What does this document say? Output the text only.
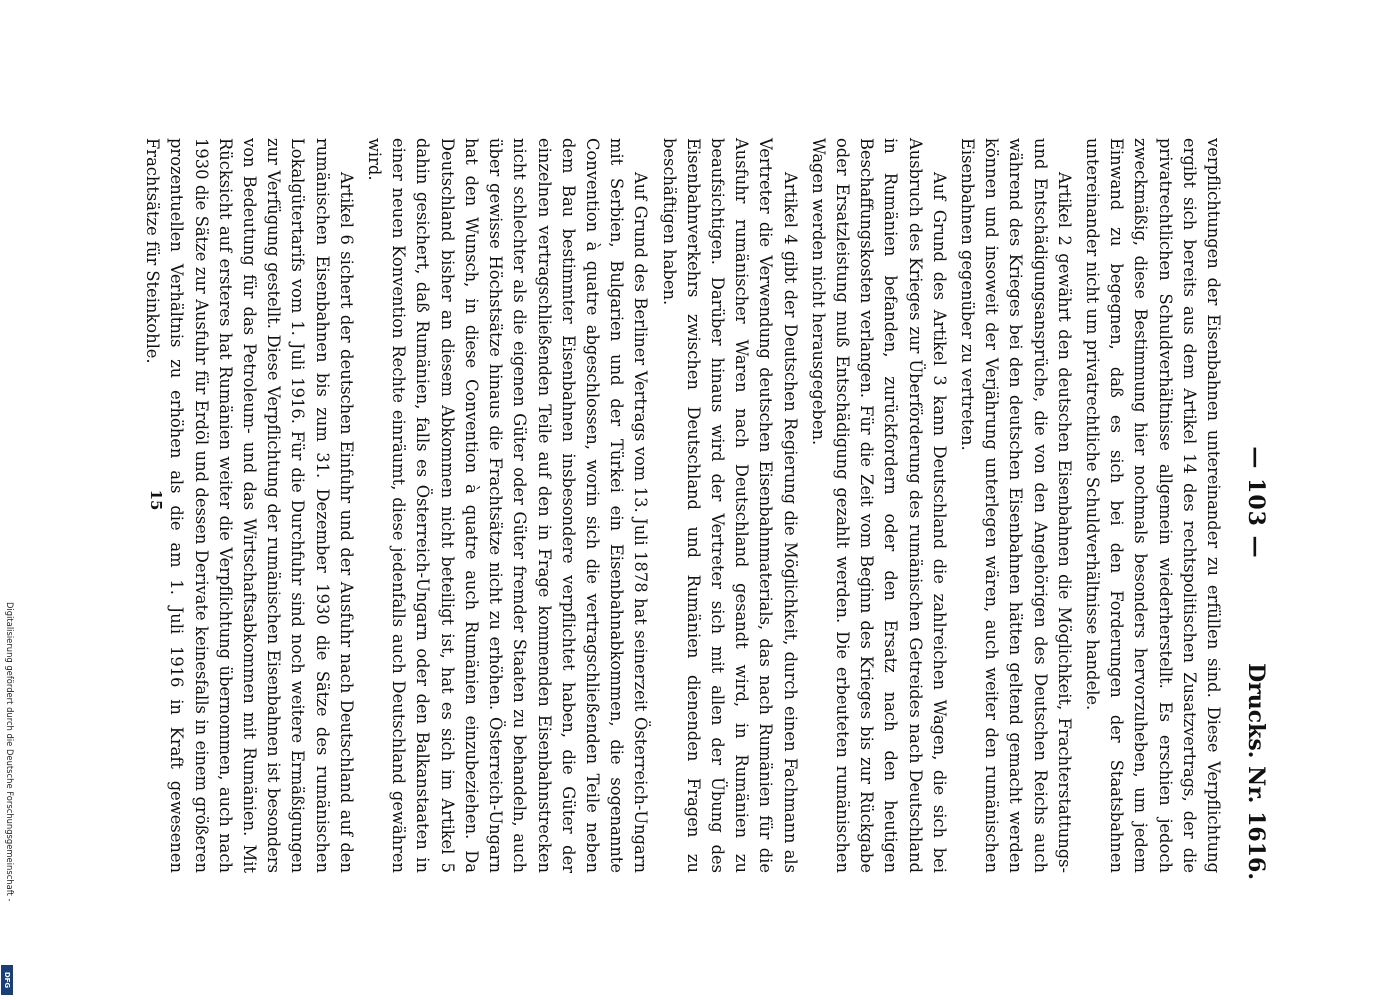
Digitalisierung gefördert durch die Deutsche Forschungsgemeinschaft -
DFG
— 103 —
Drucks. Nr. 1616.

verpflichtungen der Eisenbahnen untereinander zu erfüllen sind. Diese Verpflichtung ergibt sich bereits aus dem Artikel 14 des rechtspolitischen Zusatzvertrags, der die privatrechtlichen Schuldverhältnisse allgemein wiederherstellt. Es erschien jedoch zweckmäßig, diese Bestimmung hier nochmals besonders hervorzuheben, um jedem Einwand zu begegnen, daß es sich bei den Forderungen der Staatsbahnen untereinander nicht um privatrechtliche Schuldverhältnisse handele.

Artikel 2 gewährt den deutschen Eisenbahnen die Möglichkeit, Frachterstattungs- und Entschädigungsansprüche, die von den Angehörigen des Deutschen Reichs auch während des Krieges bei den deutschen Eisenbahnen hätten geltend gemacht werden können und insoweit der Verjährung unterlegen wären, auch weiter den rumänischen Eisenbahnen gegenüber zu vertreten.

Auf Grund des Artikel 3 kann Deutschland die zahlreichen Wagen, die sich bei Ausbruch des Krieges zur Überförderung des rumänischen Getreides nach Deutschland in Rumänien befanden, zurückfordern oder den Ersatz nach den heutigen Beschaffungskosten verlangen. Für die Zeit vom Beginn des Krieges bis zur Rückgabe oder Ersatzleistung muß Entschädigung gezahlt werden. Die erbeuteten rumänischen Wagen werden nicht herausgegeben.

Artikel 4 gibt der Deutschen Regierung die Möglichkeit, durch einen Fachmann als Vertreter die Verwendung deutschen Eisenbahnmaterials, das nach Rumänien für die Ausfuhr rumänischer Waren nach Deutschland gesandt wird, in Rumänien zu beaufsichtigen. Darüber hinaus wird der Vertreter sich mit allen der Übung des Eisenbahnverkehrs zwischen Deutschland und Rumänien dienenden Fragen zu beschäftigen haben.

Auf Grund des Berliner Vertrags vom 13. Juli 1878 hat seinerzeit Österreich-Ungarn mit Serbien, Bulgarien und der Türkei ein Eisenbahnabkommen, die sogenannte Convention à quatre abgeschlossen, worin sich die vertragschließenden Teile neben dem Bau bestimmter Eisenbahnen insbesondere verpflichtet haben, die Güter der einzelnen vertragschließenden Teile auf den in Frage kommenden Eisenbahnstrecken nicht schlechter als die eigenen Güter oder Güter fremder Staaten zu behandeln, auch über gewisse Höchstsätze hinaus die Frachtsätze nicht zu erhöhen. Österreich-Ungarn hat den Wunsch, in diese Convention à quatre auch Rumänien einzubeziehen. Da Deutschland bisher an diesem Abkommen nicht beteiligt ist, hat es sich im Artikel 5 dahin gesichert, daß Rumänien, falls es Österreich-Ungarn oder den Balkanstaaten in einer neuen Konvention Rechte einräumt, diese jedenfalls auch Deutschland gewähren wird.

Artikel 6 sichert der deutschen Einfuhr und der Ausfuhr nach Deutschland auf den rumänischen Eisenbahnen bis zum 31. Dezember 1930 die Sätze des rumänischen Lokalgütertarifs vom 1. Juli 1916. Für die Durchfuhr sind noch weitere Ermäßigungen zur Verfügung gestellt. Diese Verpflichtung der rumänischen Eisenbahnen ist besonders von Bedeutung für das Petroleum- und das Wirtschaftsabkommen mit Rumänien. Mit Rücksicht auf ersteres hat Rumänien weiter die Verpflichtung übernommen, auch nach 1930 die Sätze zur Ausfuhr für Erdöl und dessen Derivate keinesfalls in einem größeren prozentuellen Verhältnis zu erhöhen als die am 1. Juli 1916 in Kraft gewesenen Frachtsätze für Steinkohle.

15
